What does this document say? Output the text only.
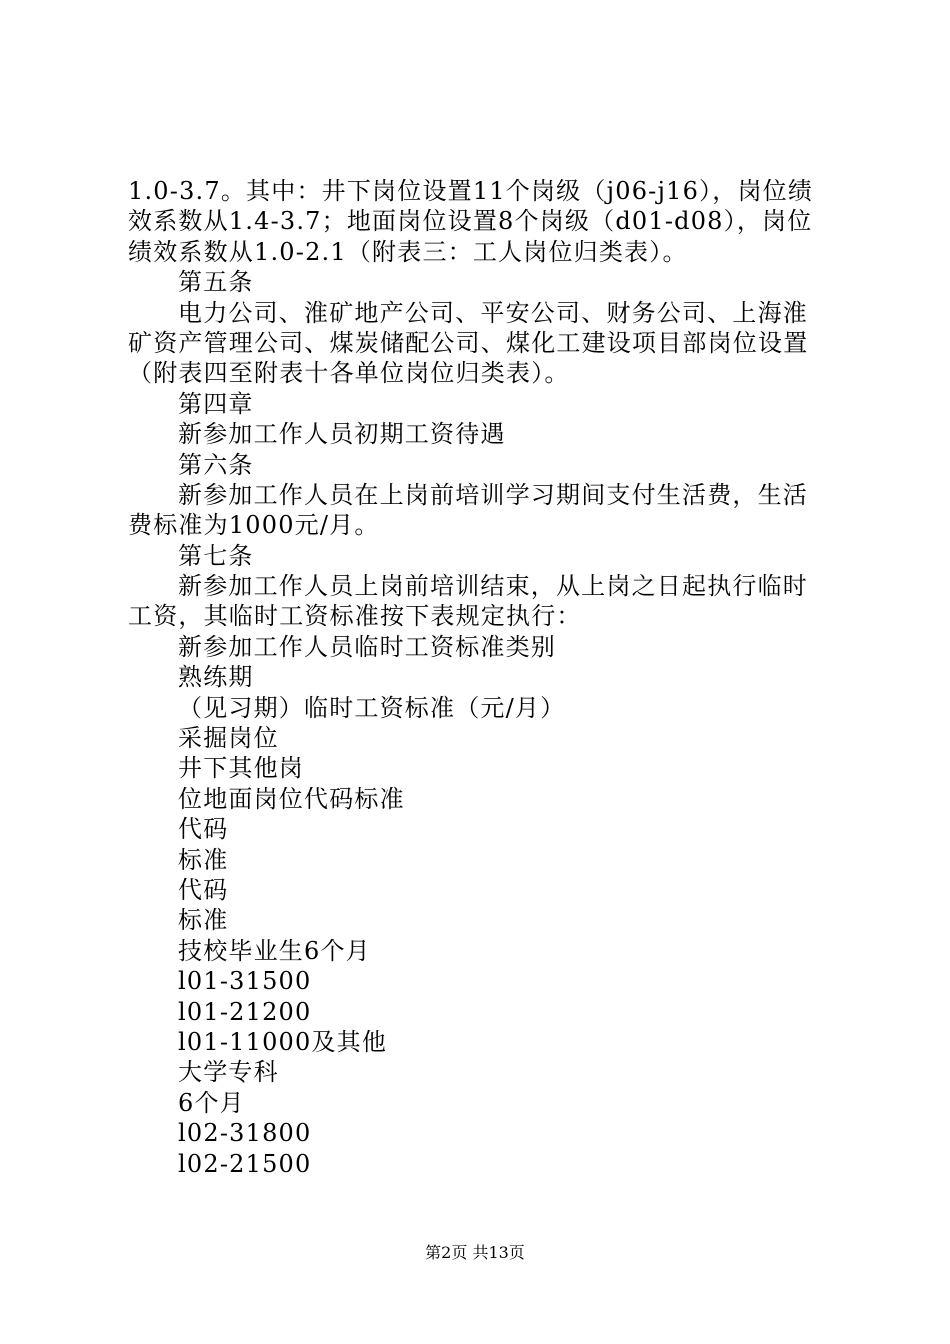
1.0-3.7。其中：井下岗位设置11个岗级（j06-j16），岗位绩
效系数从1.4-3.7；地面岗位设置8个岗级（d01-d08），岗位
绩效系数从1.0-2.1（附表三：工人岗位归类表）。
第五条
电力公司、淮矿地产公司、平安公司、财务公司、上海淮
矿资产管理公司、煤炭储配公司、煤化工建设项目部岗位设置
（附表四至附表十各单位岗位归类表）。
第四章
新参加工作人员初期工资待遇
第六条
新参加工作人员在上岗前培训学习期间支付生活费，生活
费标准为1000元/月。
第七条
新参加工作人员上岗前培训结束，从上岗之日起执行临时
工资，其临时工资标准按下表规定执行：
新参加工作人员临时工资标准类别
熟练期
（见习期）临时工资标准（元/月）
采掘岗位
井下其他岗
位地面岗位代码标准
代码
标准
代码
标准
技校毕业生6个月
l01-31500
l01-21200
l01-11000及其他
大学专科
6个月
l02-31800
l02-21500
第2页 共13页
